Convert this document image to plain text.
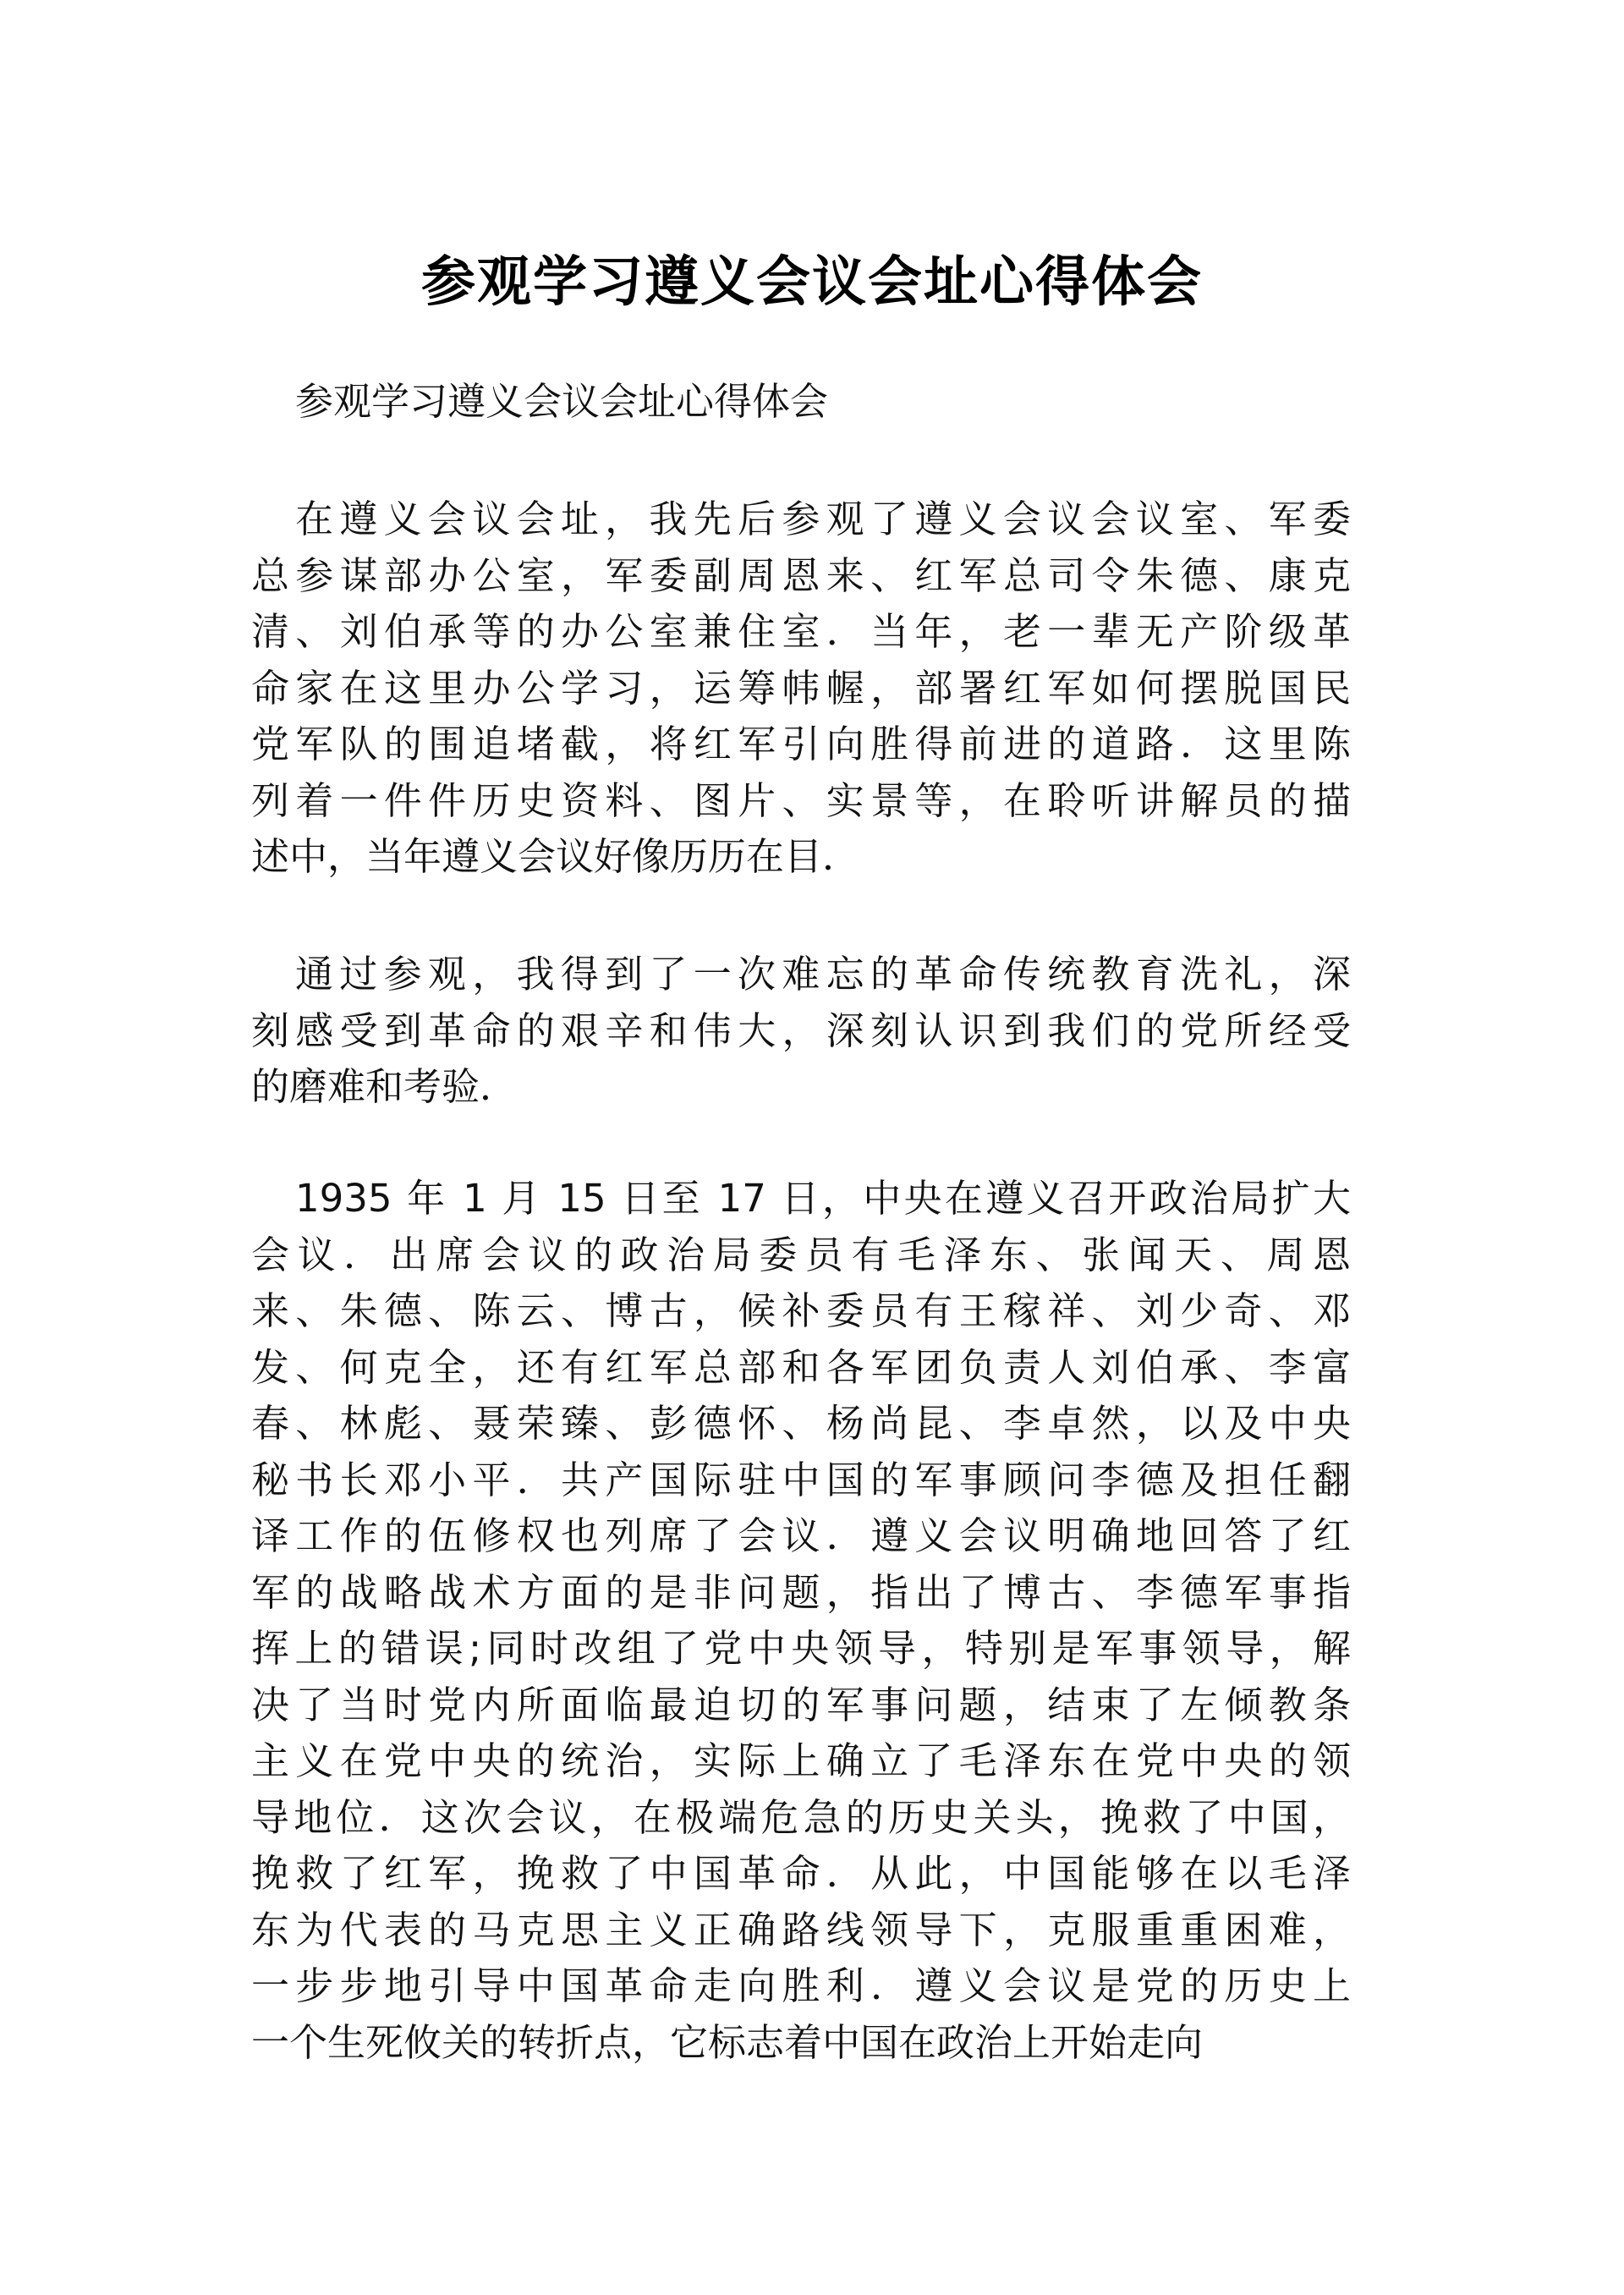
参观学习遵义会议会址心得体会
参观学习遵义会议会址心得体会
在遵义会议会址，我先后参观了遵义会议会议室、军委
总参谋部办公室，军委副周恩来、红军总司令朱德、康克
清、刘伯承等的办公室兼住室．当年，老一辈无产阶级革
命家在这里办公学习，运筹帏幄，部署红军如何摆脱国民
党军队的围追堵截，将红军引向胜得前进的道路．这里陈
列着一件件历史资料、图片、实景等，在聆听讲解员的描
述中，当年遵义会议好像历历在目．
通过参观，我得到了一次难忘的革命传统教育洗礼，深
刻感受到革命的艰辛和伟大，深刻认识到我们的党所经受
的磨难和考验．
1935 年 1 月 15 日至 17 日，中央在遵义召开政治局扩大
会议．出席会议的政治局委员有毛泽东、张闻天、周恩
来、朱德、陈云、博古，候补委员有王稼祥、刘少奇、邓
发、何克全，还有红军总部和各军团负责人刘伯承、李富
春、林彪、聂荣臻、彭德怀、杨尚昆、李卓然，以及中央
秘书长邓小平．共产国际驻中国的军事顾问李德及担任翻
译工作的伍修权也列席了会议．遵义会议明确地回答了红
军的战略战术方面的是非问题，指出了博古、李德军事指
挥上的错误;同时改组了党中央领导，特别是军事领导，解
决了当时党内所面临最迫切的军事问题，结束了左倾教条
主义在党中央的统治，实际上确立了毛泽东在党中央的领
导地位．这次会议，在极端危急的历史关头，挽救了中国，
挽救了红军，挽救了中国革命．从此，中国能够在以毛泽
东为代表的马克思主义正确路线领导下，克服重重困难，
一步步地引导中国革命走向胜利．遵义会议是党的历史上
一个生死攸关的转折点，它标志着中国在政治上开始走向
